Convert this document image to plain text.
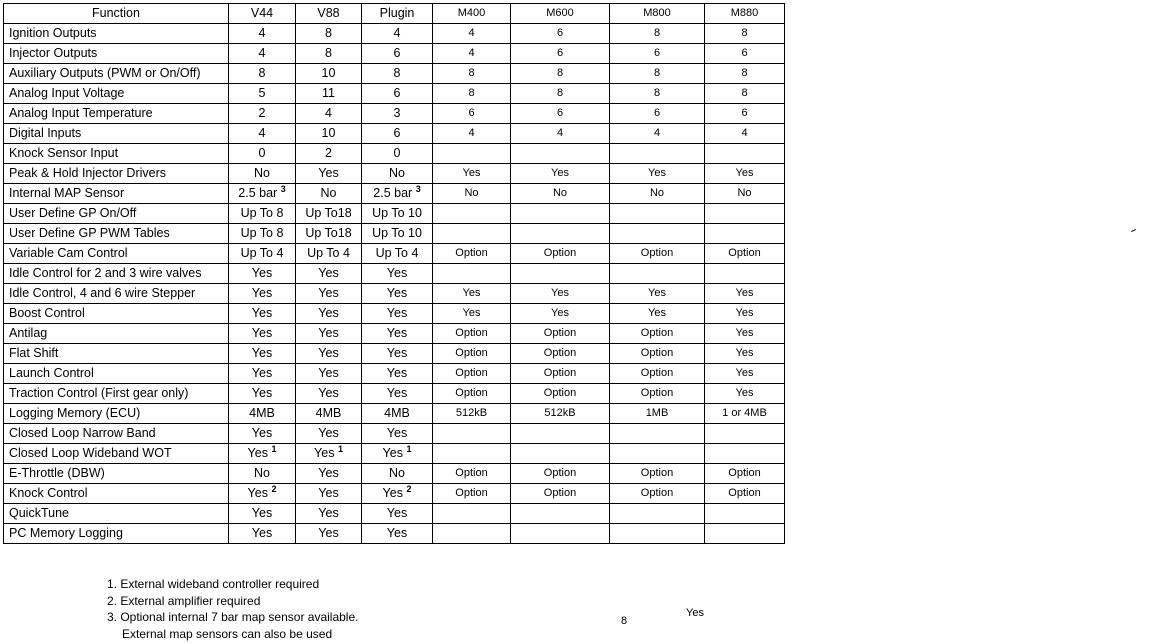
Function	V44	V88	Plugin	M400	M600	M800	M880
Ignition Outputs	4	8	4	4	6	8	8
Injector Outputs	4	8	6	4	6	6	6
Auxiliary Outputs (PWM or On/Off)	8	10	8	8	8	8	8
Analog Input Voltage	5	11	6	8	8	8	8
Analog Input Temperature	2	4	3	6	6	6	6
Digital Inputs	4	10	6	4	4	4	4
Knock Sensor Input	0	2	0				
Peak & Hold Injector Drivers	No	Yes	No	Yes	Yes	Yes	Yes
Internal MAP Sensor	2.5 bar $^3$	No	2.5 bar $^3$	No	No	No	No
User Define GP On/Off	Up To 8	Up To18	Up To 10				
User Define GP PWM Tables	Up To 8	Up To18	Up To 10				
Variable Cam Control	Up To 4	Up To 4	Up To 4	Option	Option	Option	Option
Idle Control for 2 and 3 wire valves	Yes	Yes	Yes				
Idle Control, 4 and 6 wire Stepper	Yes	Yes	Yes	Yes	Yes	Yes	Yes
Boost Control	Yes	Yes	Yes	Yes	Yes	Yes	Yes
Antilag	Yes	Yes	Yes	Option	Option	Option	Yes
Flat Shift	Yes	Yes	Yes	Option	Option	Option	Yes
Launch Control	Yes	Yes	Yes	Option	Option	Option	Yes
Traction Control (First gear only)	Yes	Yes	Yes	Option	Option	Option	Yes
Logging Memory (ECU)	4MB	4MB	4MB	512kB	512kB	1MB	1 or 4MB
Closed Loop Narrow Band	Yes	Yes	Yes				
Closed Loop Wideband WOT	Yes $^1$	Yes $^1$	Yes $^1$				
E-Throttle (DBW)	No	Yes	No	Option	Option	Option	Option
Knock Control	Yes $^2$	Yes	Yes $^2$	Option	Option	Option	Option
QuickTune	Yes	Yes	Yes				
PC Memory Logging	Yes	Yes	Yes				
1. External wideband controller required
2. External amplifier required
3. Optional internal 7 bar map sensor available.
External map sensors can also be used
8
Yes
